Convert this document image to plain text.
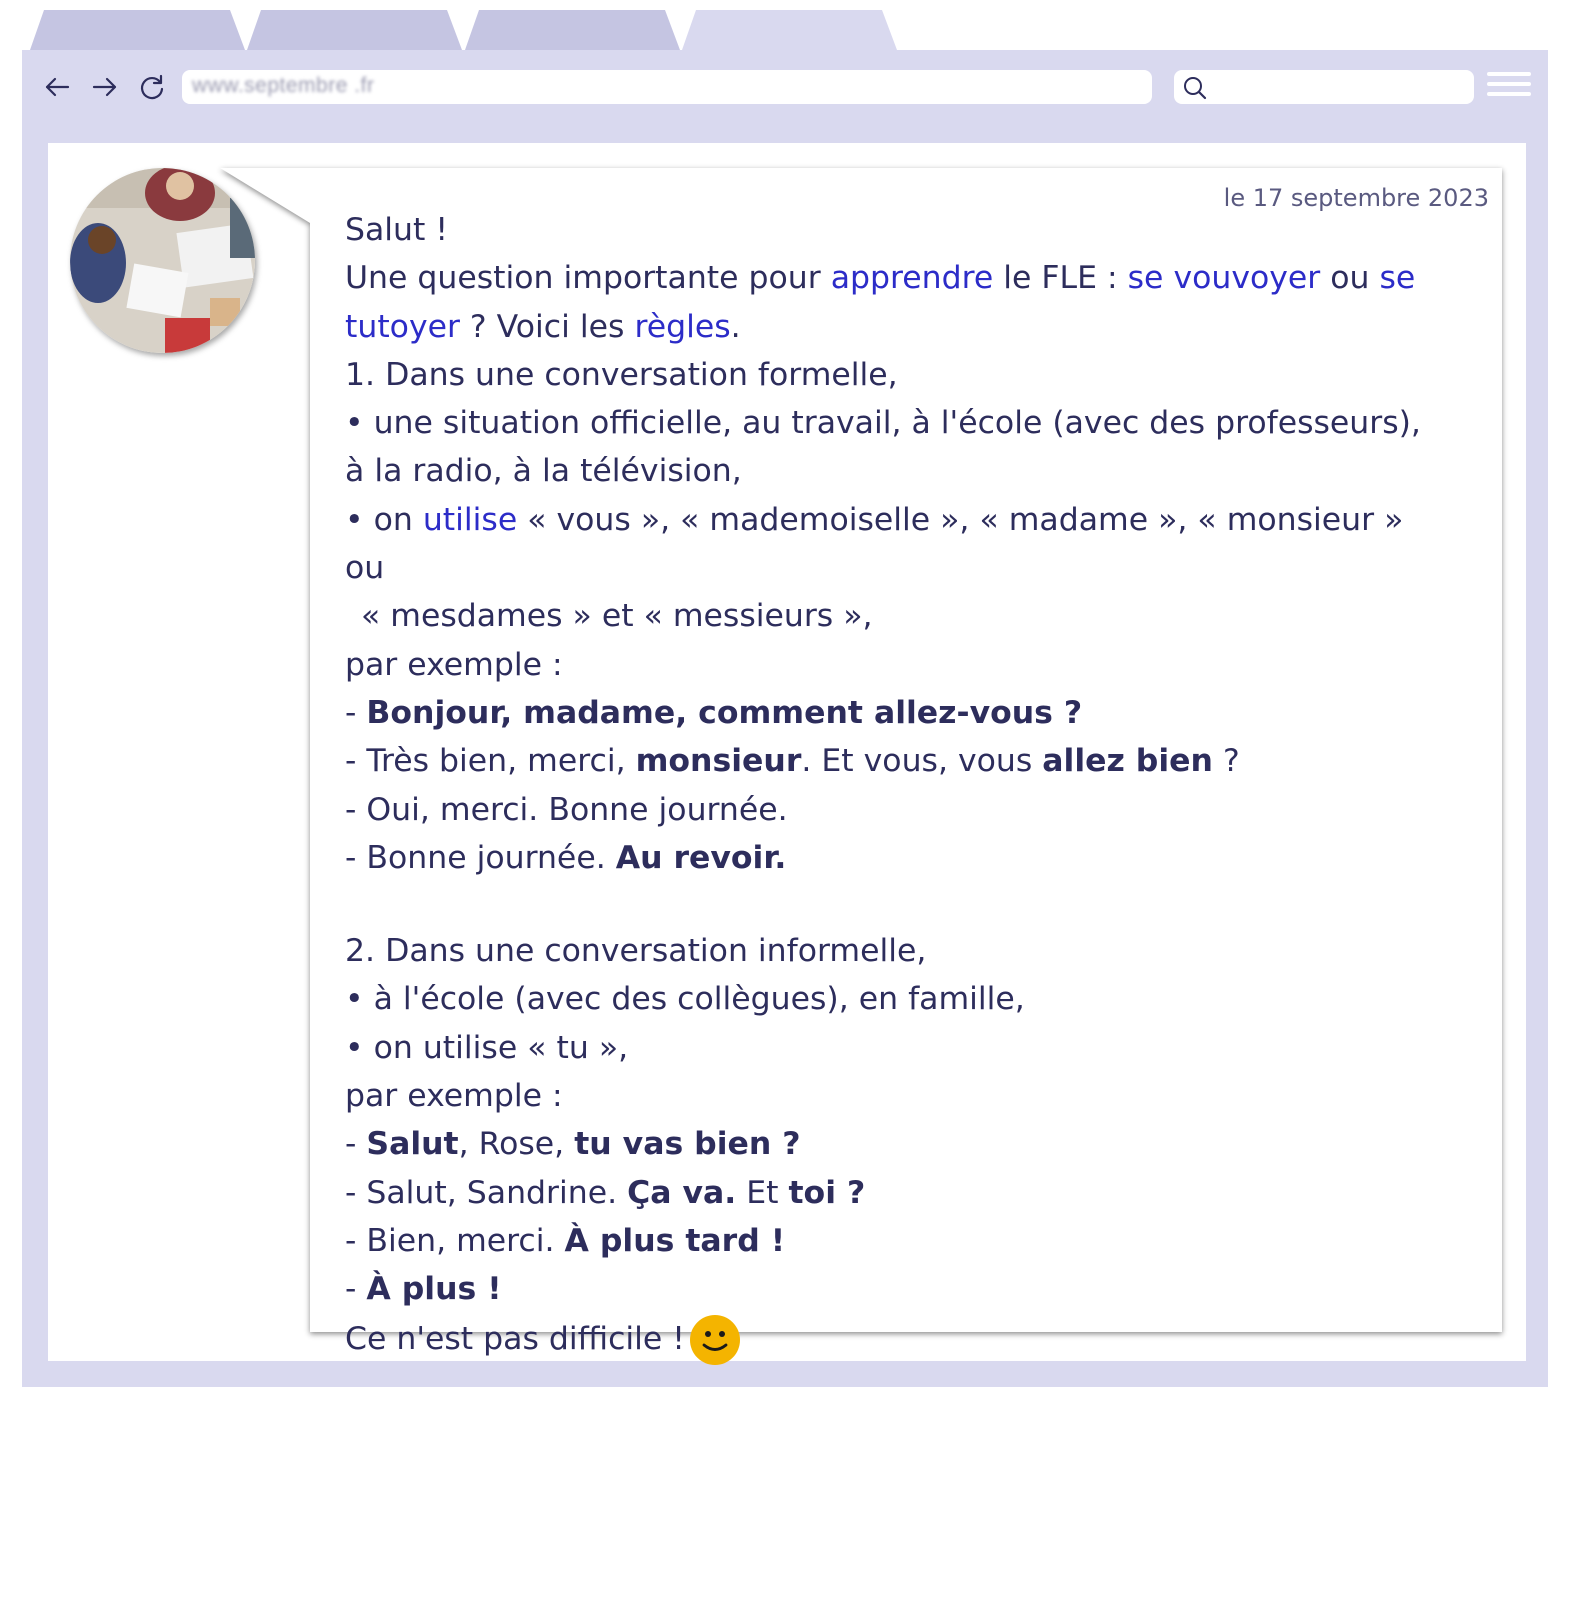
www.septembre .fr
le 17 septembre 2023

Salut !

Une question importante pour apprendre le FLE : se vouvoyer ou se tutoyer ? Voici les règles.

1. Dans une conversation formelle,

• une situation officielle, au travail, à l'école (avec des professeurs), à la radio, à la télévision,

• on utilise « vous », « mademoiselle », « madame », « monsieur » ou

« mesdames » et « messieurs »,

par exemple :

- Bonjour, madame, comment allez-vous ?

- Très bien, merci, monsieur. Et vous, vous allez bien ?

- Oui, merci. Bonne journée.

- Bonne journée. Au revoir.

2. Dans une conversation informelle,

• à l'école (avec des collègues), en famille,

• on utilise « tu »,

par exemple :

- Salut, Rose, tu vas bien ?

- Salut, Sandrine. Ça va. Et toi ?

- Bien, merci. À plus tard !

- À plus !

Ce n'est pas difficile !
